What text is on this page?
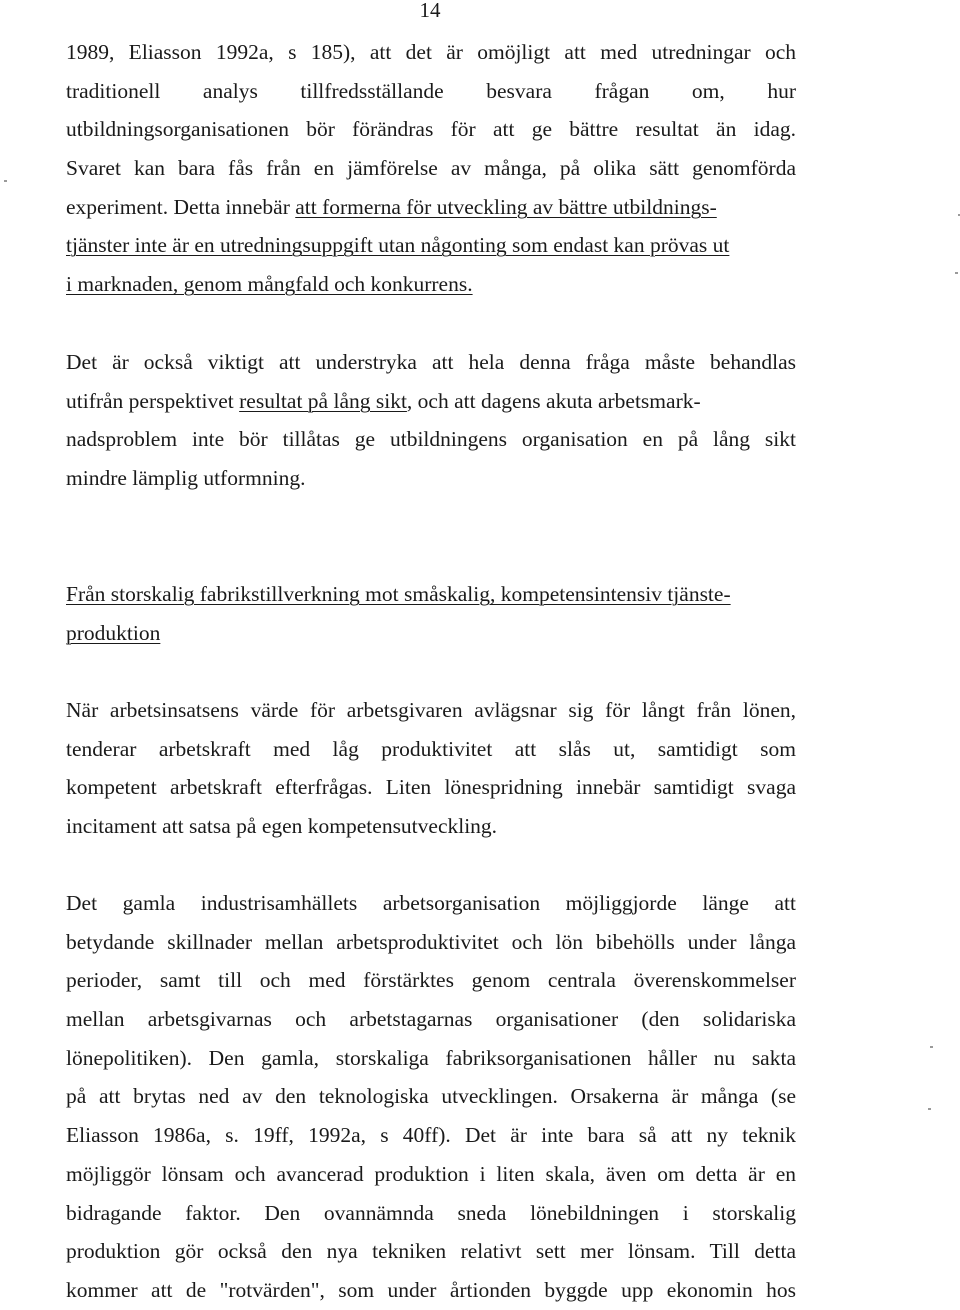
14
1989, Eliasson 1992a, s 185), att det är omöjligt att med utredningar och
traditionell analys tillfredsställande besvara frågan om, hur
utbildningsorganisationen bör förändras för att ge bättre resultat än idag.
Svaret kan bara fås från en jämförelse av många, på olika sätt genomförda
experiment. Detta innebär att formerna för utveckling av bättre utbildnings-
tjänster inte är en utredningsuppgift utan någonting som endast kan prövas ut
i marknaden, genom mångfald och konkurrens.
Det är också viktigt att understryka att hela denna fråga måste behandlas
utifrån perspektivet resultat på lång sikt, och att dagens akuta arbetsmark-
nadsproblem inte bör tillåtas ge utbildningens organisation en på lång sikt
mindre lämplig utformning.
Från storskalig fabrikstillverkning mot småskalig, kompetensintensiv tjänste-
produktion
När arbetsinsatsens värde för arbetsgivaren avlägsnar sig för långt från lönen,
tenderar arbetskraft med låg produktivitet att slås ut, samtidigt som
kompetent arbetskraft efterfrågas. Liten lönespridning innebär samtidigt svaga
incitament att satsa på egen kompetensutveckling.
Det gamla industrisamhällets arbetsorganisation möjliggjorde länge att
betydande skillnader mellan arbetsproduktivitet och lön bibehölls under långa
perioder, samt till och med förstärktes genom centrala överenskommelser
mellan arbetsgivarnas och arbetstagarnas organisationer (den solidariska
lönepolitiken). Den gamla, storskaliga fabriksorganisationen håller nu sakta
på att brytas ned av den teknologiska utvecklingen. Orsakerna är många (se
Eliasson 1986a, s. 19ff, 1992a, s 40ff). Det är inte bara så att ny teknik
möjliggör lönsam och avancerad produktion i liten skala, även om detta är en
bidragande faktor. Den ovannämnda sneda lönebildningen i storskalig
produktion gör också den nya tekniken relativt sett mer lönsam. Till detta
kommer att de "rotvärden", som under årtionden byggde upp ekonomin hos
